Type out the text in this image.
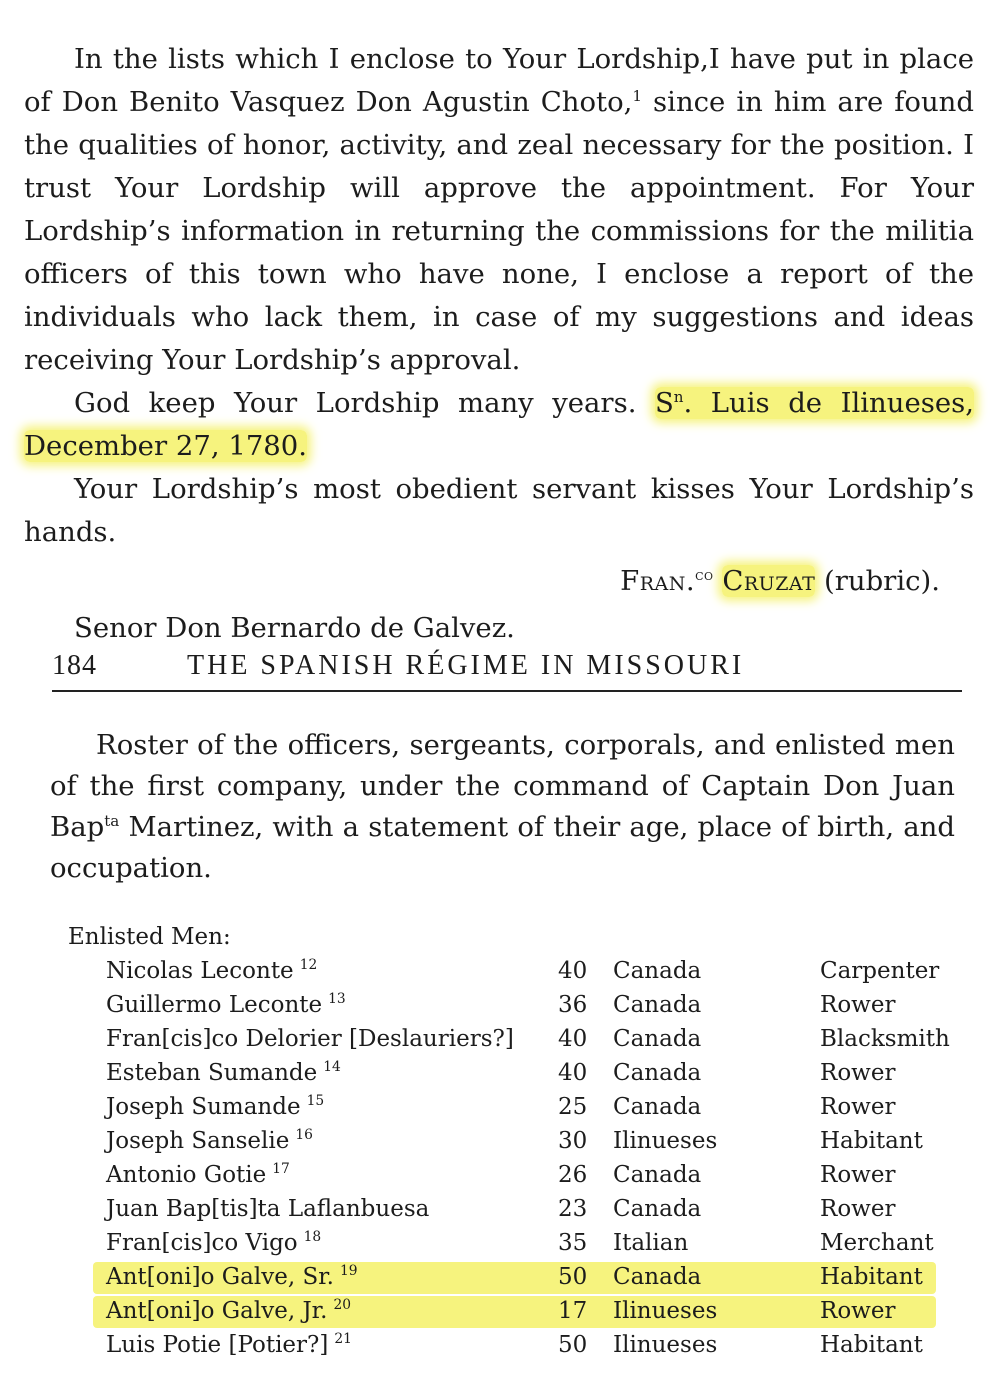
In the lists which I enclose to Your Lordship,I have put in place of Don Benito Vasquez Don Agustin Choto,$^1$ since in him are found the qualities of honor, activity, and zeal necessary for the position. I trust Your Lordship will approve the appointment. For Your Lordship’s information in returning the commissions for the militia officers of this town who have none, I enclose a report of the individuals who lack them, in case of my suggestions and ideas receiving Your Lordship’s approval.

God keep Your Lordship many years. $S^n$. Luis de Ilinueses, December 27, 1780.

Your Lordship’s most obedient servant kisses Your Lordship’s hands.

Fran.$^{co}$ Cruzat (rubric).

Senor Don Bernardo de Galvez.

184	THE SPANISH RÉGIME IN MISSOURI

Roster of the officers, sergeants, corporals, and enlisted men of the first company, under the command of Captain Don Juan Bap$^{ta}$ Martinez, with a statement of their age, place of birth, and occupation.

Enlisted Men:
Nicolas Leconte $^{12}$	40 Canada	Carpenter
Guillermo Leconte $^{13}$	36 Canada	Rower
Fran[cis]co Delorier [Deslauriers?] 40 Canada	Blacksmith
Esteban Sumande $^{14}$	40 Canada	Rower
Joseph Sumande $^{15}$	25 Canada	Rower
Joseph Sanselie $^{16}$	30 Ilinueses	Habitant
Antonio Gotie $^{17}$	26 Canada	Rower
Juan Bap[tis]ta Laflanbuesa	23 Canada	Rower
Fran[cis]co Vigo $^{18}$	35 Italian	Merchant
Ant[oni]o Galve, Sr. $^{19}$	50 Canada	Habitant
Ant[oni]o Galve, Jr. $^{20}$	17 Ilinueses	Rower
Luis Potie [Potier?] $^{21}$	50 Ilinueses	Habitant
